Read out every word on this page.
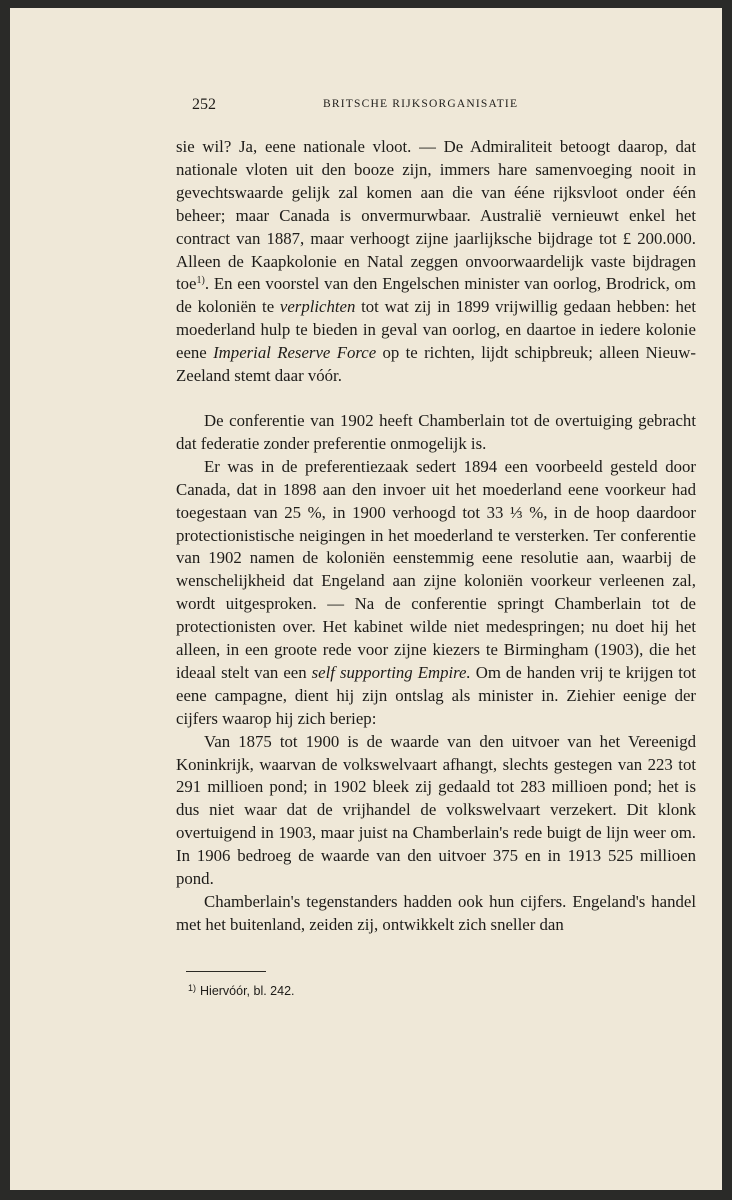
252	BRITSCHE RIJKSORGANISATIE

sie wil? Ja, eene nationale vloot. — De Admiraliteit betoogt daarop, dat nationale vloten uit den booze zijn, immers hare samenvoeging nooit in gevechtswaarde gelijk zal komen aan die van ééne rijksvloot onder één beheer; maar Canada is onvermurwbaar. Australië vernieuwt enkel het contract van 1887, maar verhoogt zijne jaarlijksche bijdrage tot £ 200.000. Alleen de Kaapkolonie en Natal zeggen onvoorwaardelijk vaste bijdragen toe$^{1)}$. En een voorstel van den Engelschen minister van oorlog, Brodrick, om de koloniën te verplichten tot wat zij in 1899 vrijwillig gedaan hebben: het moederland hulp te bieden in geval van oorlog, en daartoe in iedere kolonie eene Imperial Reserve Force op te richten, lijdt schipbreuk; alleen Nieuw-Zeeland stemt daar vóór.

De conferentie van 1902 heeft Chamberlain tot de overtuiging gebracht dat federatie zonder preferentie onmogelijk is.

Er was in de preferentiezaak sedert 1894 een voorbeeld gesteld door Canada, dat in 1898 aan den invoer uit het moederland eene voorkeur had toegestaan van 25 %, in 1900 verhoogd tot 33 ⅓ %, in de hoop daardoor protectionistische neigingen in het moederland te versterken. Ter conferentie van 1902 namen de koloniën eenstemmig eene resolutie aan, waarbij de wenschelijkheid dat Engeland aan zijne koloniën voorkeur verleenen zal, wordt uitgesproken. — Na de conferentie springt Chamberlain tot de protectionisten over. Het kabinet wilde niet medespringen; nu doet hij het alleen, in een groote rede voor zijne kiezers te Birmingham (1903), die het ideaal stelt van een self supporting Empire. Om de handen vrij te krijgen tot eene campagne, dient hij zijn ontslag als minister in. Ziehier eenige der cijfers waarop hij zich beriep:

Van 1875 tot 1900 is de waarde van den uitvoer van het Vereenigd Koninkrijk, waarvan de volkswelvaart afhangt, slechts gestegen van 223 tot 291 millioen pond; in 1902 bleek zij gedaald tot 283 millioen pond; het is dus niet waar dat de vrijhandel de volkswelvaart verzekert. Dit klonk overtuigend in 1903, maar juist na Chamberlain's rede buigt de lijn weer om. In 1906 bedroeg de waarde van den uitvoer 375 en in 1913 525 millioen pond.

Chamberlain's tegenstanders hadden ook hun cijfers. Engeland's handel met het buitenland, zeiden zij, ontwikkelt zich sneller dan

$^{1)}$ Hiervóór, bl. 242.
